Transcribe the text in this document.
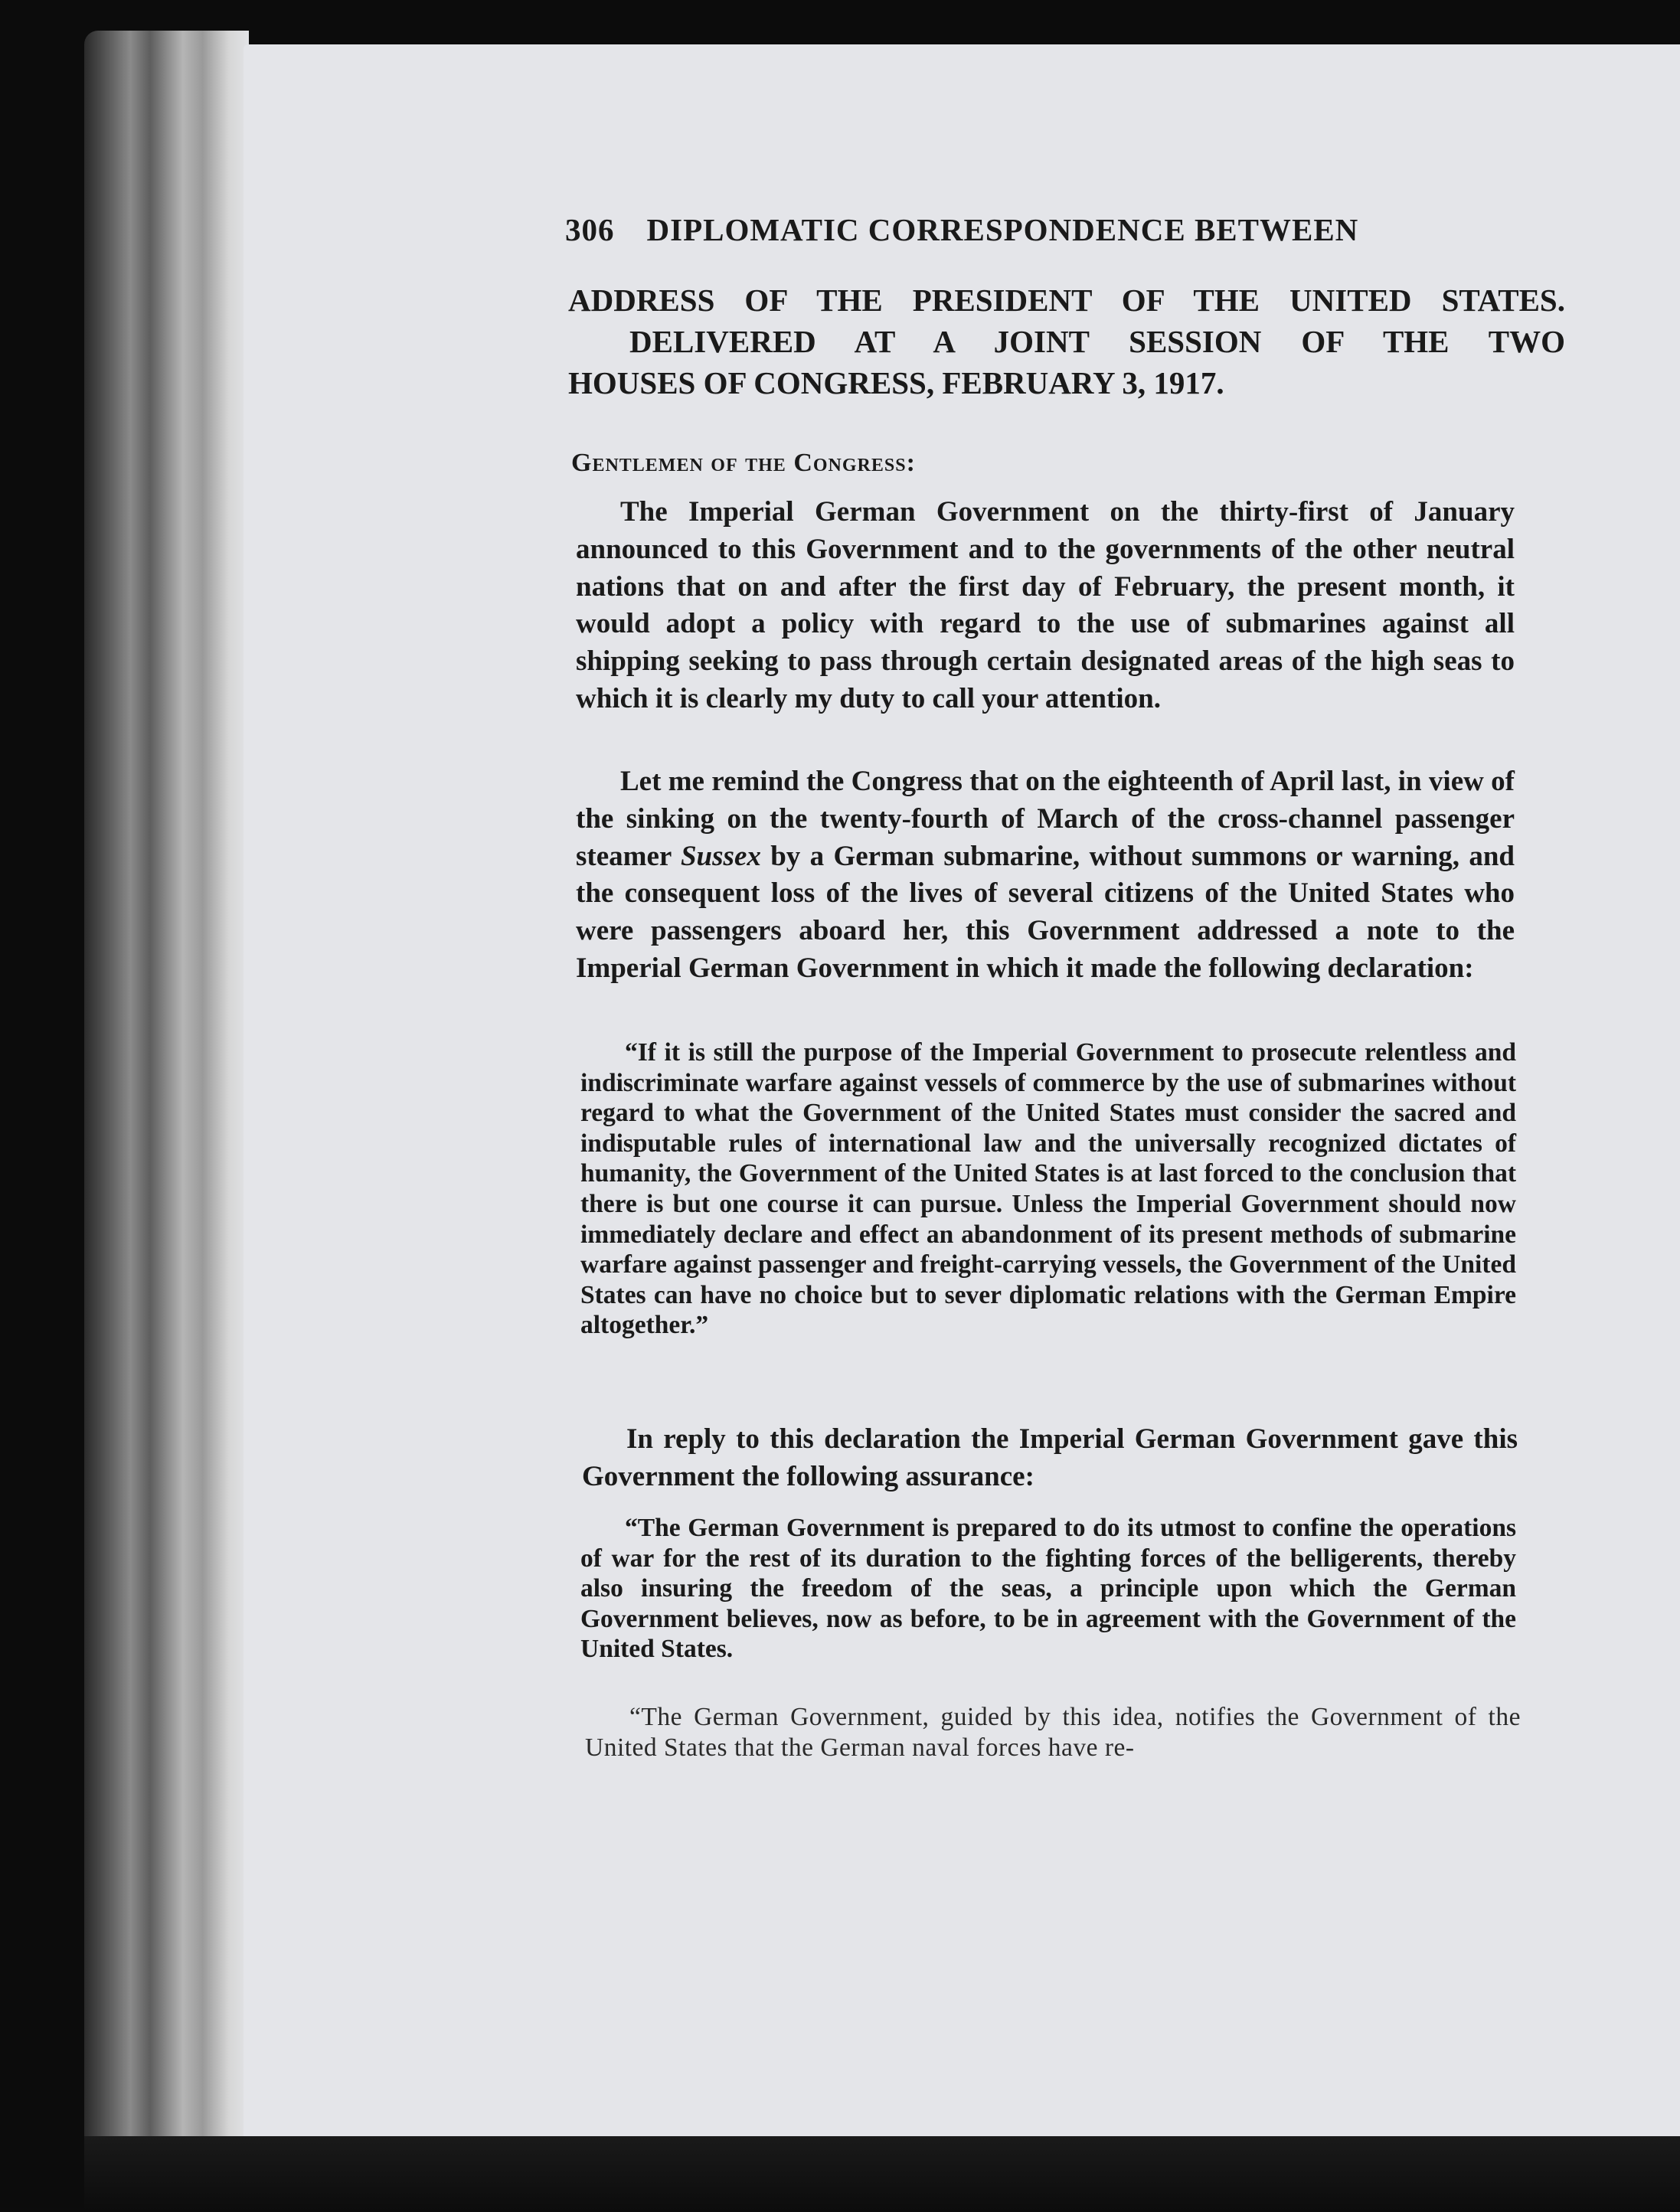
306 DIPLOMATIC CORRESPONDENCE BETWEEN
ADDRESS OF THE PRESIDENT OF THE UNITED STATES. DELIVERED AT A JOINT SESSION OF THE TWO
HOUSES OF CONGRESS, FEBRUARY 3, 1917.
Gentlemen of the Congress:
The Imperial German Government on the thirty-first of January announced to this Government and to the governments of the other neutral nations that on and after the first day of February, the present month, it would adopt a policy with regard to the use of submarines against all shipping seeking to pass through certain designated areas of the high seas to which it is clearly my duty to call your attention.
Let me remind the Congress that on the eighteenth of April last, in view of the sinking on the twenty-fourth of March of the cross-channel passenger steamer Sussex by a German submarine, without summons or warning, and the consequent loss of the lives of several citizens of the United States who were passengers aboard her, this Government addressed a note to the Imperial German Government in which it made the following declaration:
“If it is still the purpose of the Imperial Government to prosecute relentless and indiscriminate warfare against vessels of commerce by the use of submarines without regard to what the Government of the United States must consider the sacred and indisputable rules of international law and the universally recognized dictates of humanity, the Government of the United States is at last forced to the conclusion that there is but one course it can pursue. Unless the Imperial Government should now immediately declare and effect an abandonment of its present methods of submarine warfare against passenger and freight-carrying vessels, the Government of the United States can have no choice but to sever diplomatic relations with the German Empire altogether.”
In reply to this declaration the Imperial German Government gave this Government the following assurance:
“The German Government is prepared to do its utmost to confine the operations of war for the rest of its duration to the fighting forces of the belligerents, thereby also insuring the freedom of the seas, a principle upon which the German Government believes, now as before, to be in agreement with the Government of the United States.
“The German Government, guided by this idea, notifies the Government of the United States that the German naval forces have re-
